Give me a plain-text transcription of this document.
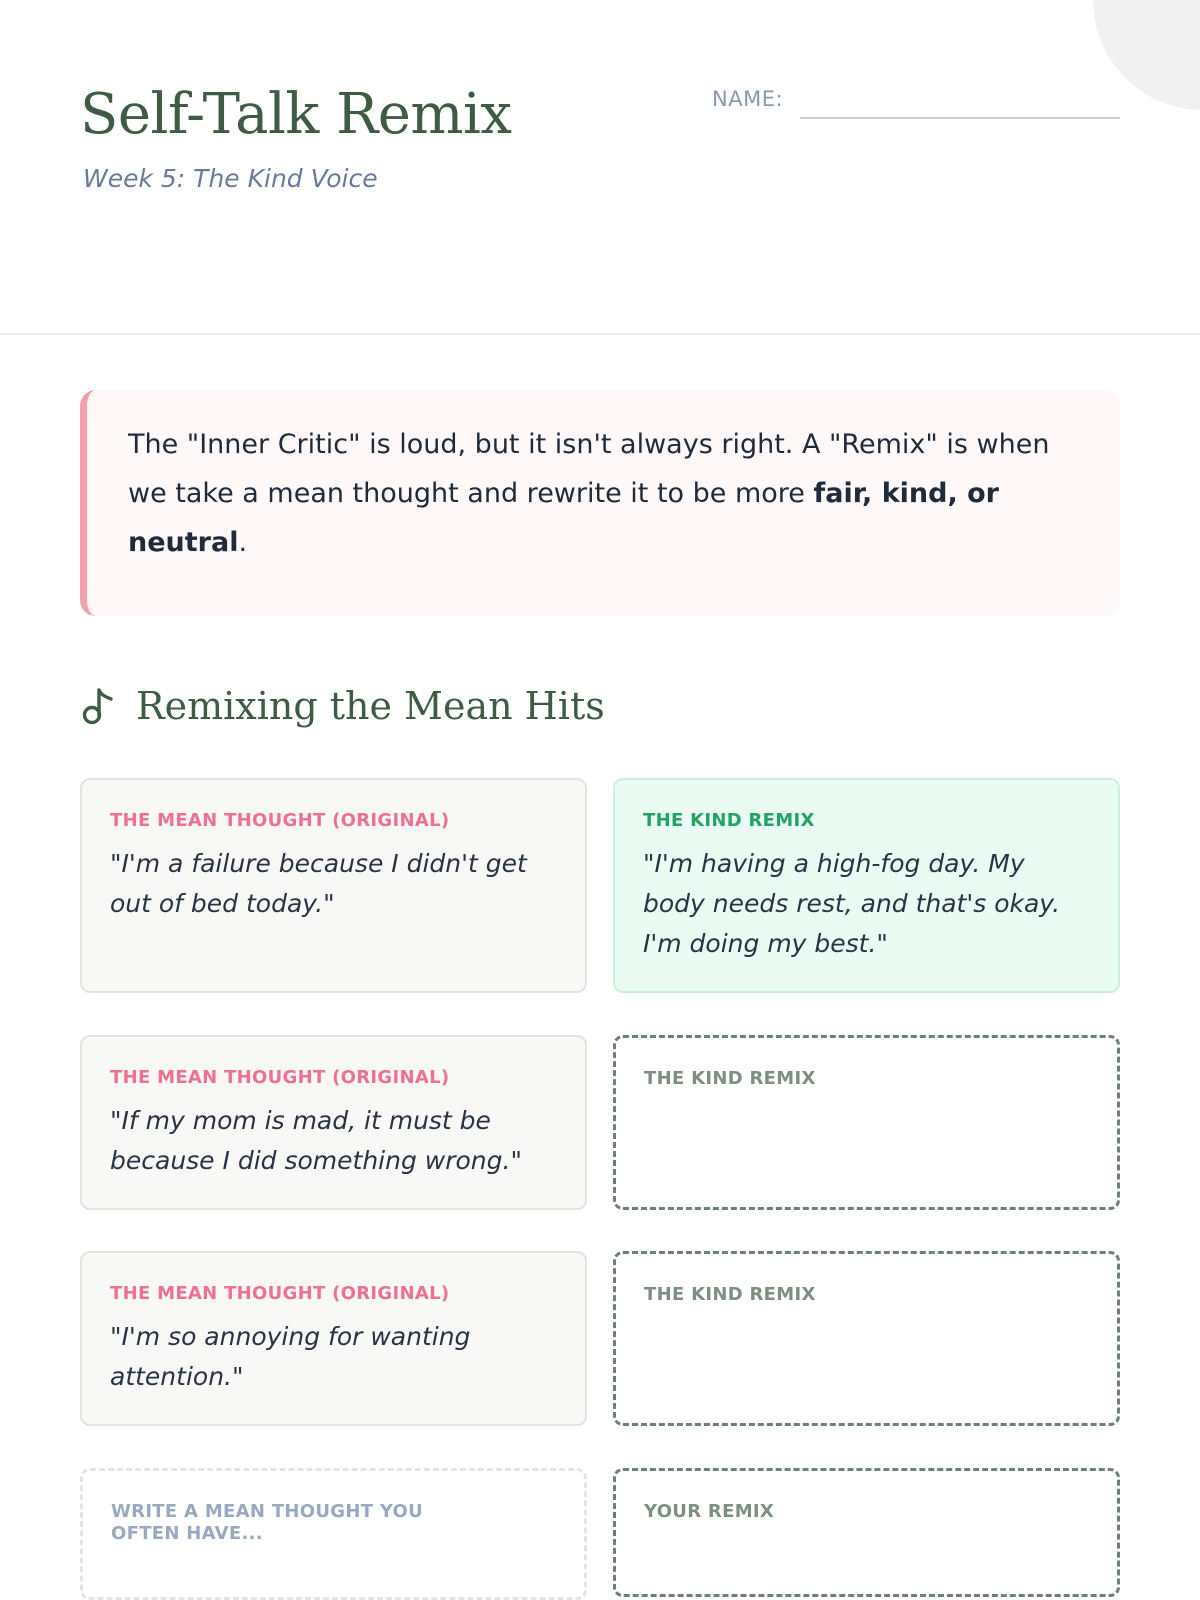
Self-Talk Remix
Week 5: The Kind Voice
NAME:
The "Inner Critic" is loud, but it isn't always right. A "Remix" is when we take a mean thought and rewrite it to be more fair, kind, or neutral.
Remixing the Mean Hits
THE MEAN THOUGHT (ORIGINAL)
"I'm a failure because I didn't get out of bed today."
THE KIND REMIX
"I'm having a high-fog day. My body needs rest, and that's okay. I'm doing my best."
THE MEAN THOUGHT (ORIGINAL)
"If my mom is mad, it must be because I did something wrong."
THE KIND REMIX
THE MEAN THOUGHT (ORIGINAL)
"I'm so annoying for wanting attention."
THE KIND REMIX
WRITE A MEAN THOUGHT YOU OFTEN HAVE...
YOUR REMIX
